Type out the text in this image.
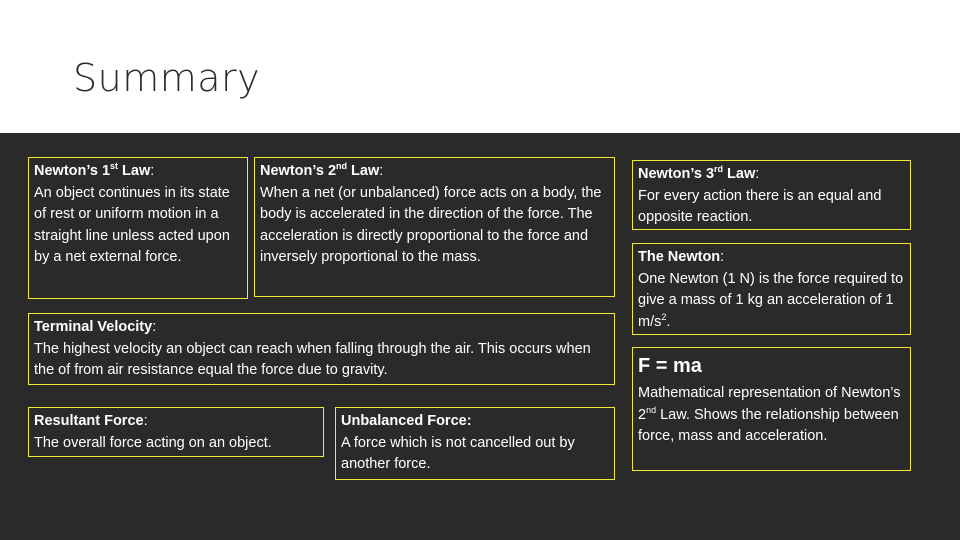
Summary
Newton’s 1st Law:
An object continues in its state of rest or uniform motion in a straight line unless acted upon by a net external force.
Newton’s 2nd Law:
When a net (or unbalanced) force acts on a body, the body is accelerated in the direction of the force. The acceleration is directly proportional to the force and inversely proportional to the mass.
Terminal Velocity:
The highest velocity an object can reach when falling through the air. This occurs when the of from air resistance equal the force due to gravity.
Resultant Force:
The overall force acting on an object.
Unbalanced Force:
A force which is not cancelled out by another force.
Newton’s 3rd Law:
For every action there is an equal and opposite reaction.
The Newton:
One Newton (1 N) is the force required to give a mass of 1 kg an acceleration of 1 $m/s^2$.
F = ma
Mathematical representation of Newton’s 2nd Law. Shows the relationship between force, mass and acceleration.
